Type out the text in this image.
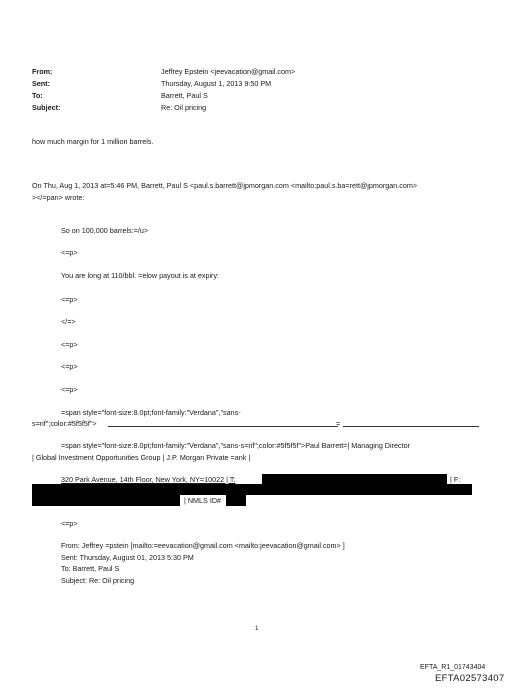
From:	Jeffrey Epstein <jeevacation@gmail.com>
Sent:	Thursday, August 1, 2013 9:50 PM
To:	Barrett, Paul S
Subject:	Re: Oil pricing
how much margin for 1 million barrels.
On Thu, Aug 1, 2013 at=5:46 PM, Barrett, Paul S <paul.s.barrett@jpmorgan.com <mailto:paul.s.ba=rett@jpmorgan.com>
></=pan> wrote:
So on 100,000 barrels:=/u>
<=p>
You are long at 110/bbl. =elow payout is at expiry:
<=p>
</=>
<=p>
<=p>
<=p>
=span style="font-size:8.0pt;font-family:"Verdana","sans-
s=rif";color:#5f5f5f">	=
=span style="font-size:8.0pt;font-family:"Verdana","sans-s=rif";color:#5f5f5f">Paul Barrett=| Managing Director
| Global Investment Opportunities Group | J.P. Morgan Private =ank |
320 Park Avenue, 14th Floor, New York, NY=10022 | T:	| F:
| NMLS ID#
<=p>
From: Jeffrey =pstein [mailto:=eevacation@gmail.com <mailto:jeevacation@gmail.com> ]
Sent: Thursday, August 01, 2013 5:30 PM
To: Barrett, Paul S
Subject: Re: Oil pricing
1
EFTA_R1_01743404
EFTA02573407
